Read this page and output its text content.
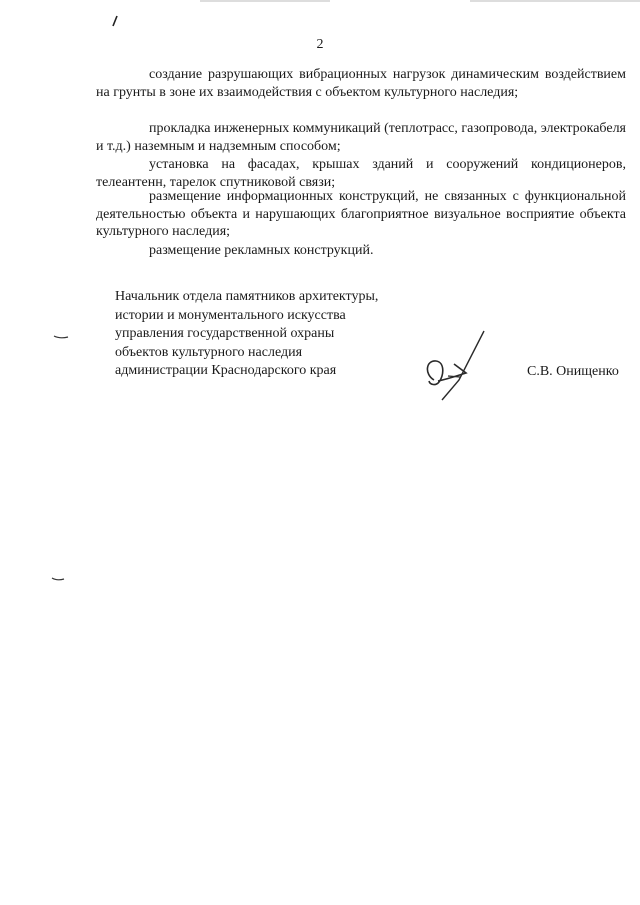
2

создание разрушающих вибрационных нагрузок динамическим воздействием на грунты в зоне их взаимодействия с объектом культурного наследия;

прокладка инженерных коммуникаций (теплотрасс, газопровода, электрокабеля и т.д.) наземным и надземным способом;

установка на фасадах, крышах зданий и сооружений кондиционеров, телеантенн, тарелок спутниковой связи;

размещение информационных конструкций, не связанных с функциональной деятельностью объекта и нарушающих благоприятное визуальное восприятие объекта культурного наследия;

размещение рекламных конструкций.

Начальник отдела памятников архитектуры,
истории и монументального искусства
управления государственной охраны
объектов культурного наследия
администрации Краснодарского края	С.В. Онищенко
